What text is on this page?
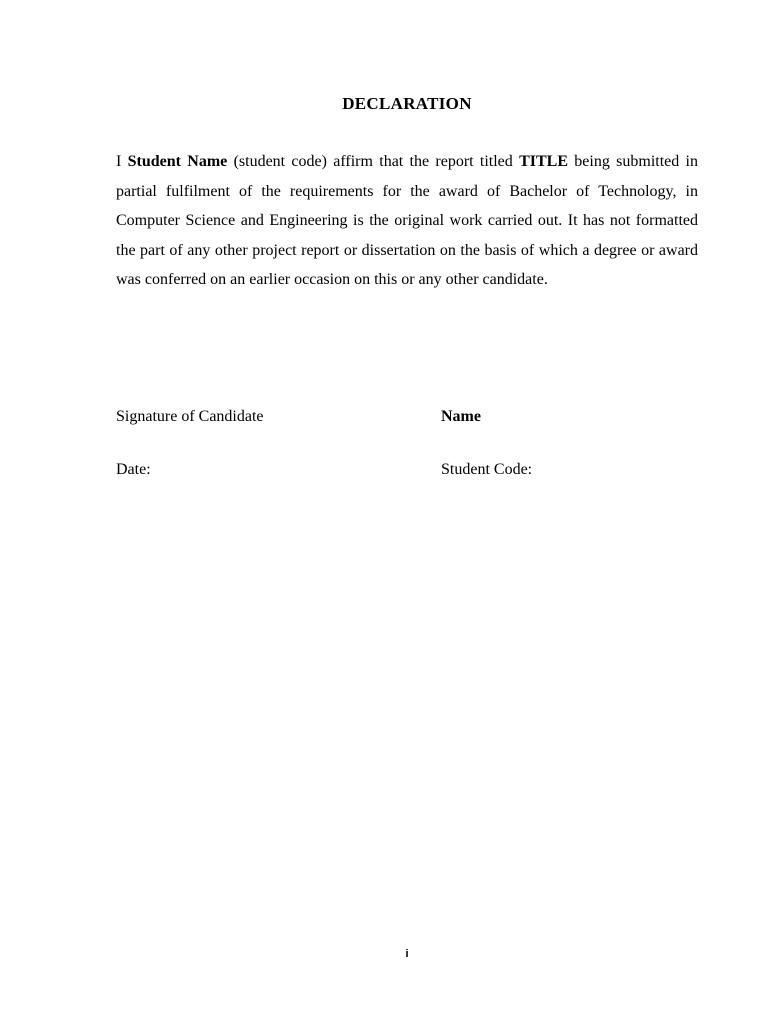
DECLARATION

I Student Name (student code) affirm that the report titled TITLE being submitted in partial fulfilment of the requirements for the award of Bachelor of Technology, in Computer Science and Engineering is the original work carried out. It has not formatted the part of any other project report or dissertation on the basis of which a degree or award was conferred on an earlier occasion on this or any other candidate.

Signature of Candidate	Name
Date:	Student Code:
i
